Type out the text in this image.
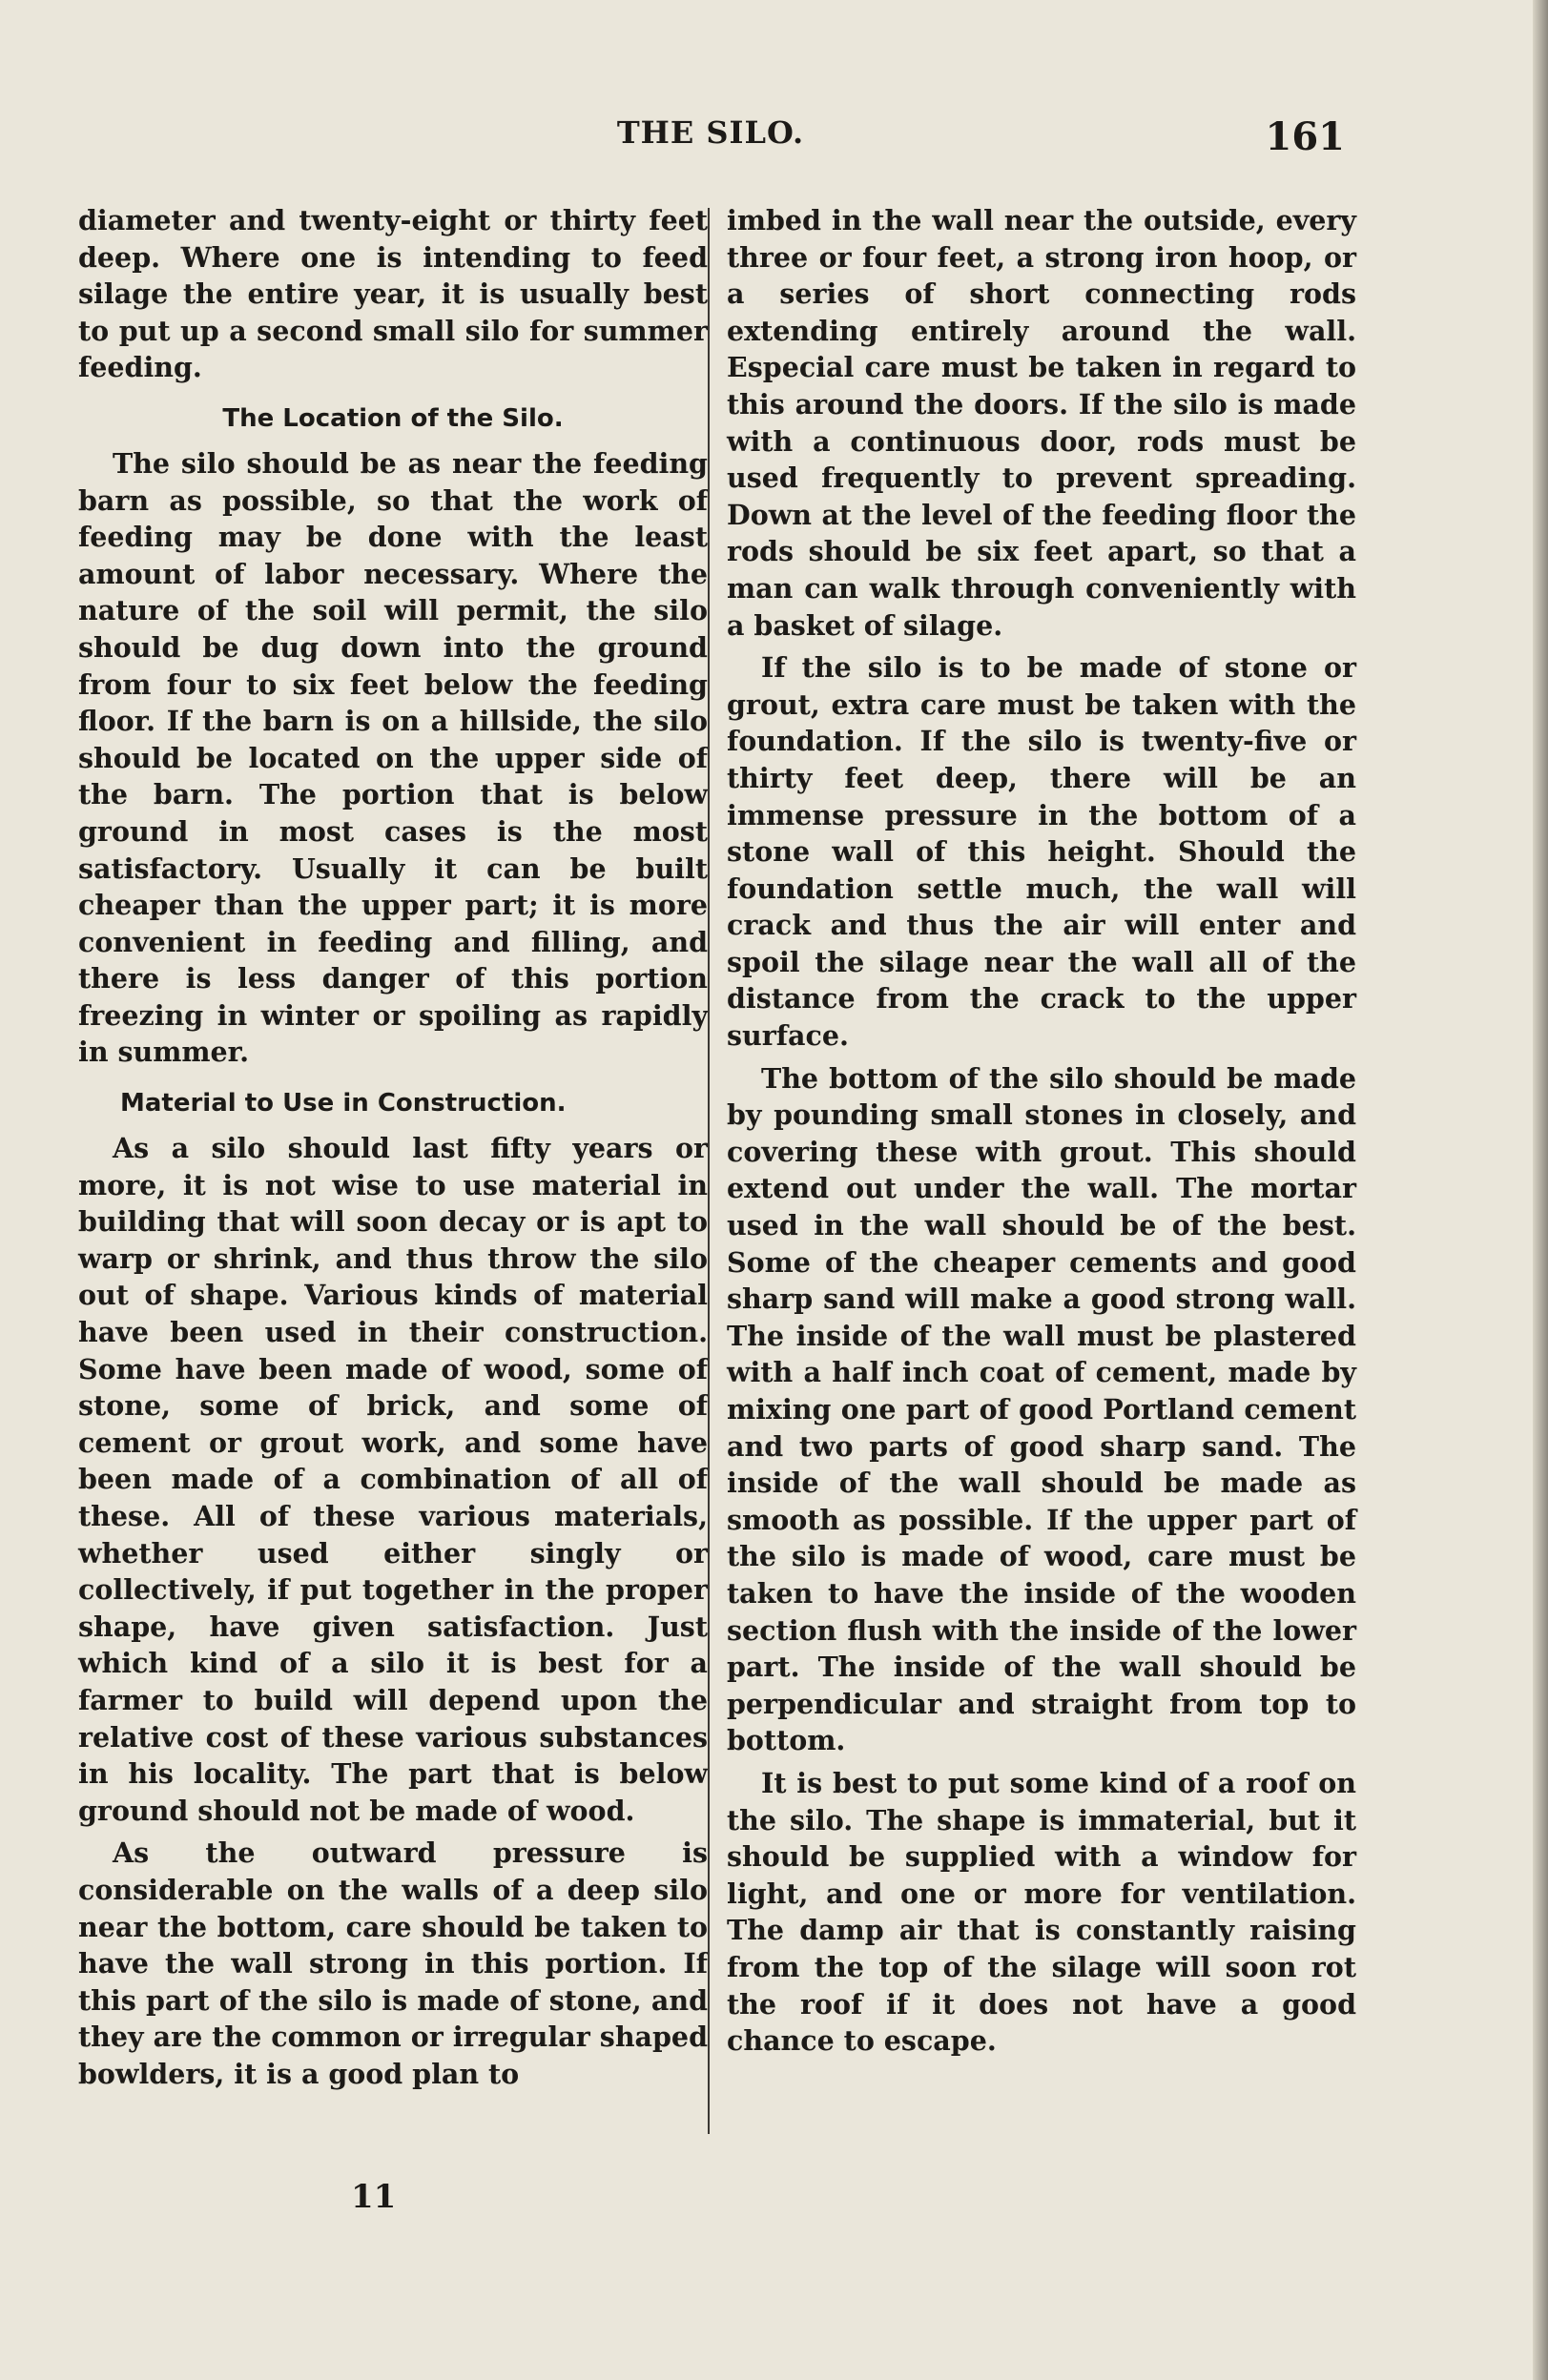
THE SILO.	161

diameter and twenty-eight or thirty feet deep. Where one is intending to feed silage the entire year, it is usually best to put up a second small silo for summer feeding.

The Location of the Silo.

The silo should be as near the feeding barn as possible, so that the work of feeding may be done with the least amount of labor necessary. Where the nature of the soil will permit, the silo should be dug down into the ground from four to six feet below the feeding floor. If the barn is on a hillside, the silo should be located on the upper side of the barn. The portion that is below ground in most cases is the most satisfactory. Usually it can be built cheaper than the upper part; it is more convenient in feeding and filling, and there is less danger of this portion freezing in winter or spoiling as rapidly in summer.

Material to Use in Construction.

As a silo should last fifty years or more, it is not wise to use material in building that will soon decay or is apt to warp or shrink, and thus throw the silo out of shape. Various kinds of material have been used in their construction. Some have been made of wood, some of stone, some of brick, and some of cement or grout work, and some have been made of a combination of all of these. All of these various materials, whether used either singly or collectively, if put together in the proper shape, have given satisfaction. Just which kind of a silo it is best for a farmer to build will depend upon the relative cost of these various substances in his locality. The part that is below ground should not be made of wood.

As the outward pressure is considerable on the walls of a deep silo near the bottom, care should be taken to have the wall strong in this portion. If this part of the silo is made of stone, and they are the common or irregular shaped bowlders, it is a good plan to

imbed in the wall near the outside, every three or four feet, a strong iron hoop, or a series of short connecting rods extending entirely around the wall. Especial care must be taken in regard to this around the doors. If the silo is made with a continuous door, rods must be used frequently to prevent spreading. Down at the level of the feeding floor the rods should be six feet apart, so that a man can walk through conveniently with a basket of silage.

If the silo is to be made of stone or grout, extra care must be taken with the foundation. If the silo is twenty-five or thirty feet deep, there will be an immense pressure in the bottom of a stone wall of this height. Should the foundation settle much, the wall will crack and thus the air will enter and spoil the silage near the wall all of the distance from the crack to the upper surface.

The bottom of the silo should be made by pounding small stones in closely, and covering these with grout. This should extend out under the wall. The mortar used in the wall should be of the best. Some of the cheaper cements and good sharp sand will make a good strong wall. The inside of the wall must be plastered with a half inch coat of cement, made by mixing one part of good Portland cement and two parts of good sharp sand. The inside of the wall should be made as smooth as possible. If the upper part of the silo is made of wood, care must be taken to have the inside of the wooden section flush with the inside of the lower part. The inside of the wall should be perpendicular and straight from top to bottom.

It is best to put some kind of a roof on the silo. The shape is immaterial, but it should be supplied with a window for light, and one or more for ventilation. The damp air that is constantly raising from the top of the silage will soon rot the roof if it does not have a good chance to escape.

11
